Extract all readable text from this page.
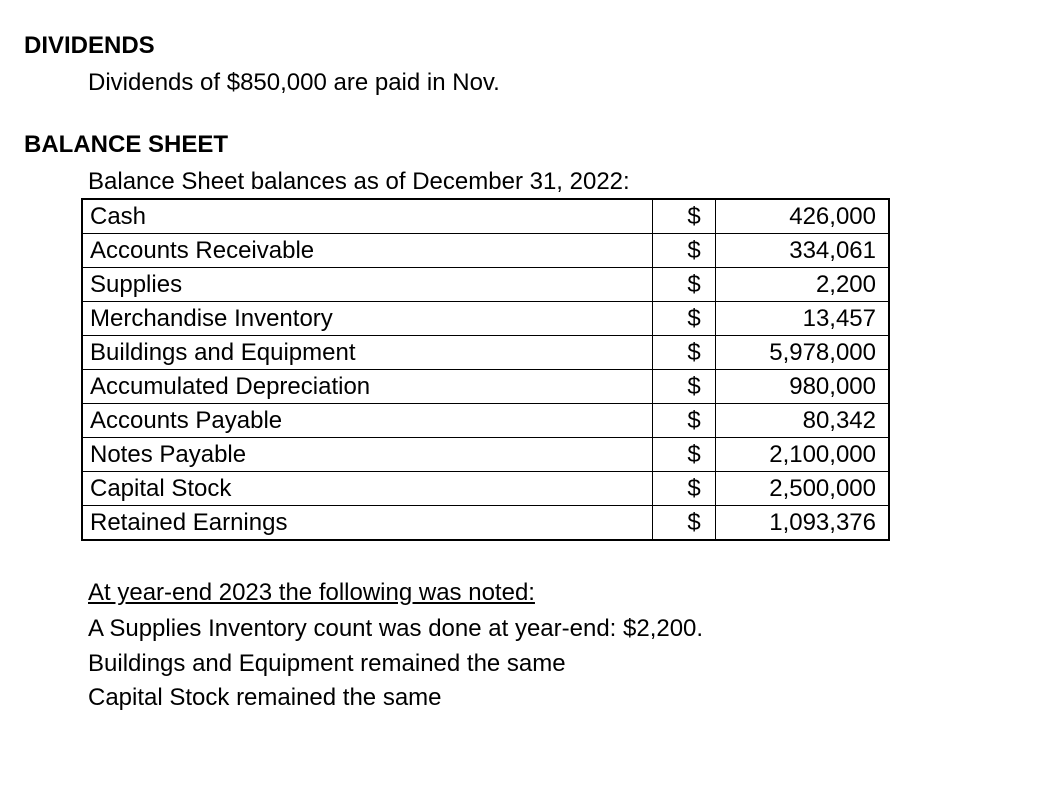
DIVIDENDS
Dividends of $850,000 are paid in Nov.
BALANCE SHEET
Balance Sheet balances as of December 31, 2022:
Cash	$	426,000
Accounts Receivable	$	334,061
Supplies	$	2,200
Merchandise Inventory	$	13,457
Buildings and Equipment	$	5,978,000
Accumulated Depreciation	$	980,000
Accounts Payable	$	80,342
Notes Payable	$	2,100,000
Capital Stock	$	2,500,000
Retained Earnings	$	1,093,376
At year-end 2023 the following was noted:
A Supplies Inventory count was done at year-end: $2,200.
Buildings and Equipment remained the same
Capital Stock remained the same
